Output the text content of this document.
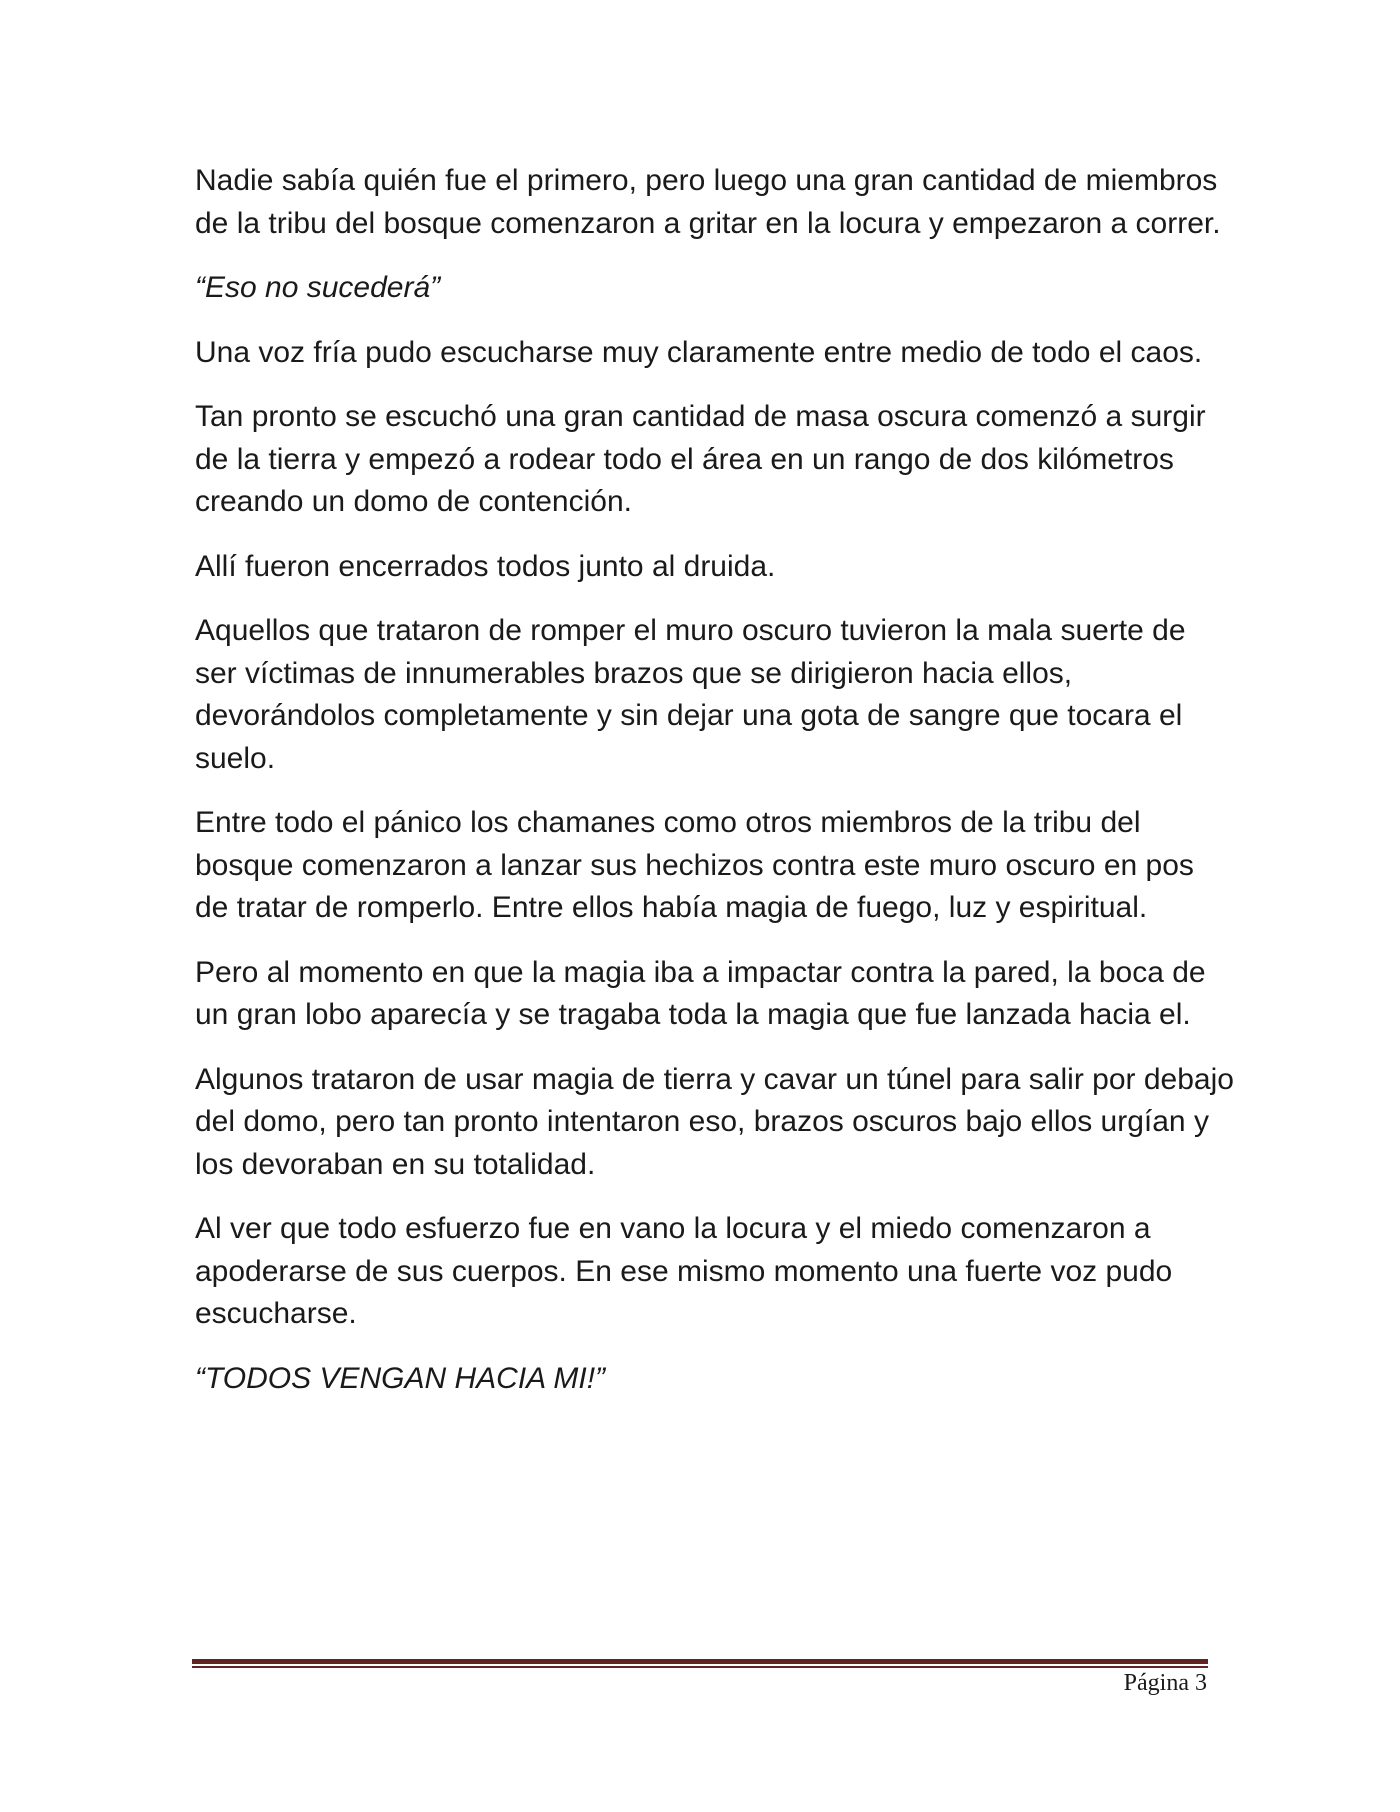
Nadie sabía quién fue el primero, pero luego una gran cantidad de miembros de la tribu del bosque comenzaron a gritar en la locura y empezaron a correr.

“Eso no sucederá”

Una voz fría pudo escucharse muy claramente entre medio de todo el caos.

Tan pronto se escuchó una gran cantidad de masa oscura comenzó a surgir de la tierra y empezó a rodear todo el área en un rango de dos kilómetros creando un domo de contención.

Allí fueron encerrados todos junto al druida.

Aquellos que trataron de romper el muro oscuro tuvieron la mala suerte de ser víctimas de innumerables brazos que se dirigieron hacia ellos, devorándolos completamente y sin dejar una gota de sangre que tocara el suelo.

Entre todo el pánico los chamanes como otros miembros de la tribu del bosque comenzaron a lanzar sus hechizos contra este muro oscuro en pos de tratar de romperlo. Entre ellos había magia de fuego, luz y espiritual.

Pero al momento en que la magia iba a impactar contra la pared, la boca de un gran lobo aparecía y se tragaba toda la magia que fue lanzada hacia el.

Algunos trataron de usar magia de tierra y cavar un túnel para salir por debajo del domo, pero tan pronto intentaron eso, brazos oscuros bajo ellos urgían y los devoraban en su totalidad.

Al ver que todo esfuerzo fue en vano la locura y el miedo comenzaron a apoderarse de sus cuerpos. En ese mismo momento una fuerte voz pudo escucharse.

“TODOS VENGAN HACIA MI!”

Página 3
